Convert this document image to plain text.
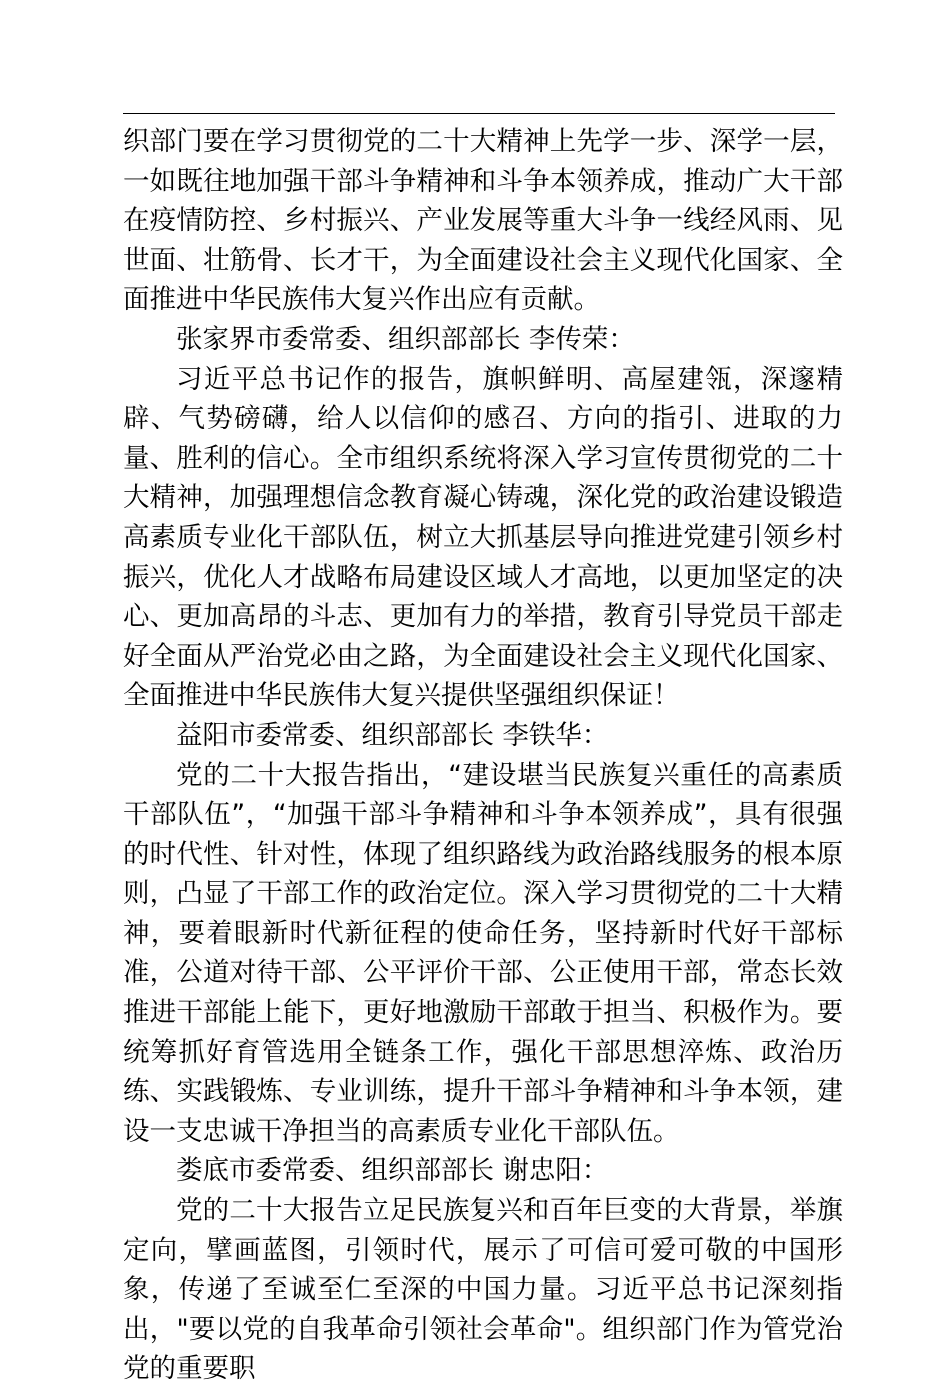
织部门要在学习贯彻党的二十大精神上先学一步、深学一层，一如既往地加强干部斗争精神和斗争本领养成，推动广大干部在疫情防控、乡村振兴、产业发展等重大斗争一线经风雨、见世面、壮筋骨、长才干，为全面建设社会主义现代化国家、全面推进中华民族伟大复兴作出应有贡献。

张家界市委常委、组织部部长 李传荣：

习近平总书记作的报告，旗帜鲜明、高屋建瓴，深邃精辟、气势磅礴，给人以信仰的感召、方向的指引、进取的力量、胜利的信心。全市组织系统将深入学习宣传贯彻党的二十大精神，加强理想信念教育凝心铸魂，深化党的政治建设锻造高素质专业化干部队伍，树立大抓基层导向推进党建引领乡村振兴，优化人才战略布局建设区域人才高地，以更加坚定的决心、更加高昂的斗志、更加有力的举措，教育引导党员干部走好全面从严治党必由之路，为全面建设社会主义现代化国家、全面推进中华民族伟大复兴提供坚强组织保证！

益阳市委常委、组织部部长 李铁华：

党的二十大报告指出，“建设堪当民族复兴重任的高素质干部队伍”，“加强干部斗争精神和斗争本领养成”，具有很强的时代性、针对性，体现了组织路线为政治路线服务的根本原则，凸显了干部工作的政治定位。深入学习贯彻党的二十大精神，要着眼新时代新征程的使命任务，坚持新时代好干部标准，公道对待干部、公平评价干部、公正使用干部，常态长效推进干部能上能下，更好地激励干部敢于担当、积极作为。要统筹抓好育管选用全链条工作，强化干部思想淬炼、政治历练、实践锻炼、专业训练，提升干部斗争精神和斗争本领，建设一支忠诚干净担当的高素质专业化干部队伍。

娄底市委常委、组织部部长 谢忠阳：

党的二十大报告立足民族复兴和百年巨变的大背景，举旗定向，擘画蓝图，引领时代，展示了可信可爱可敬的中国形象，传递了至诚至仁至深的中国力量。习近平总书记深刻指出，"要以党的自我革命引领社会革命"。组织部门作为管党治党的重要职
